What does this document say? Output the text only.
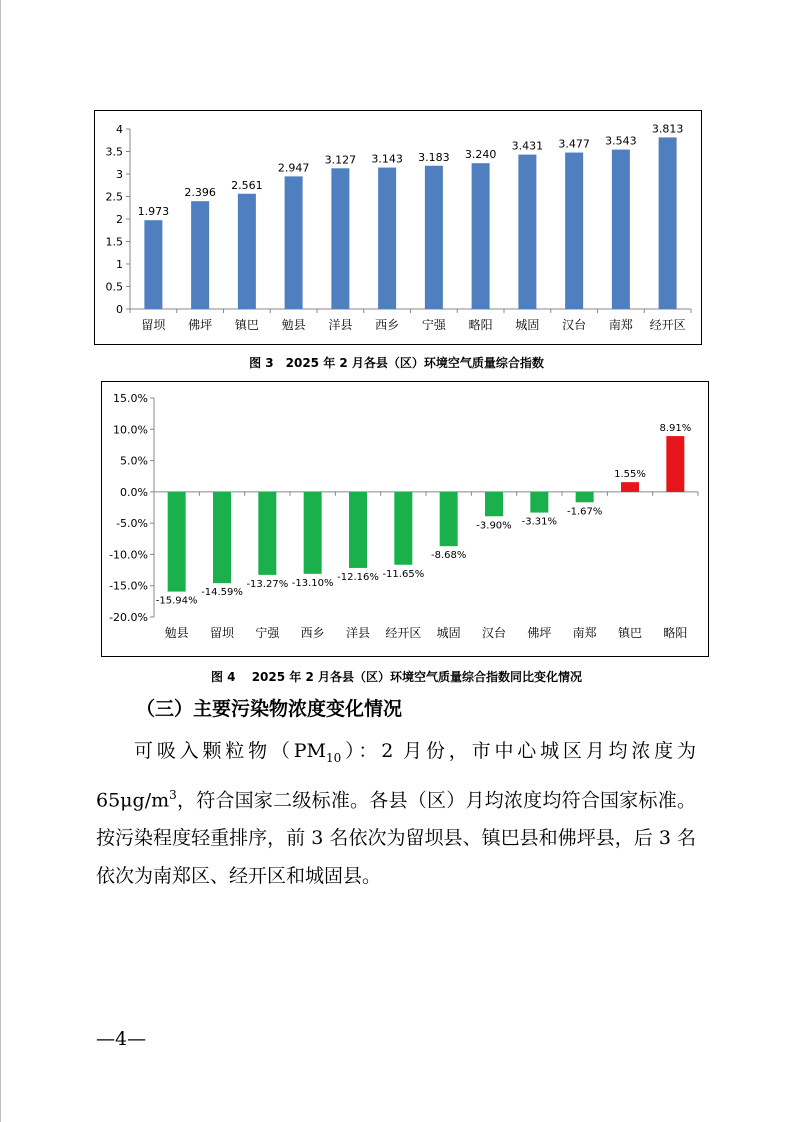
0
0.5
1
1.5
2
2.5
3
3.5
4
1.973
留坝
2.396
佛坪
2.561
镇巴
2.947
勉县
3.127
洋县
3.143
西乡
3.183
宁强
3.240
略阳
3.431
城固
3.477
汉台
3.543
南郑
3.813
经开区
图 3　2025 年 2 月各县（区）环境空气质量综合指数
-20.0%
-15.0%
-10.0%
-5.0%
0.0%
5.0%
10.0%
15.0%
-15.94%
勉县
-14.59%
留坝
-13.27%
宁强
-13.10%
西乡
-12.16%
洋县
-11.65%
经开区
-8.68%
城固
-3.90%
汉台
-3.31%
佛坪
-1.67%
南郑
1.55%
镇巴
8.91%
略阳
图 4　 2025 年 2 月各县（区）环境空气质量综合指数同比变化情况
（三）主要污染物浓度变化情况

可吸入颗粒物$(PM_{10})$：2 月份，市中心城区月均浓度为 $65\mu g/m^3$，符合国家二级标准。各县（区）月均浓度均符合国家标准。按污染程度轻重排序，前 3 名依次为留坝县、镇巴县和佛坪县，后 3 名依次为南郑区、经开区和城固县。

—4—
